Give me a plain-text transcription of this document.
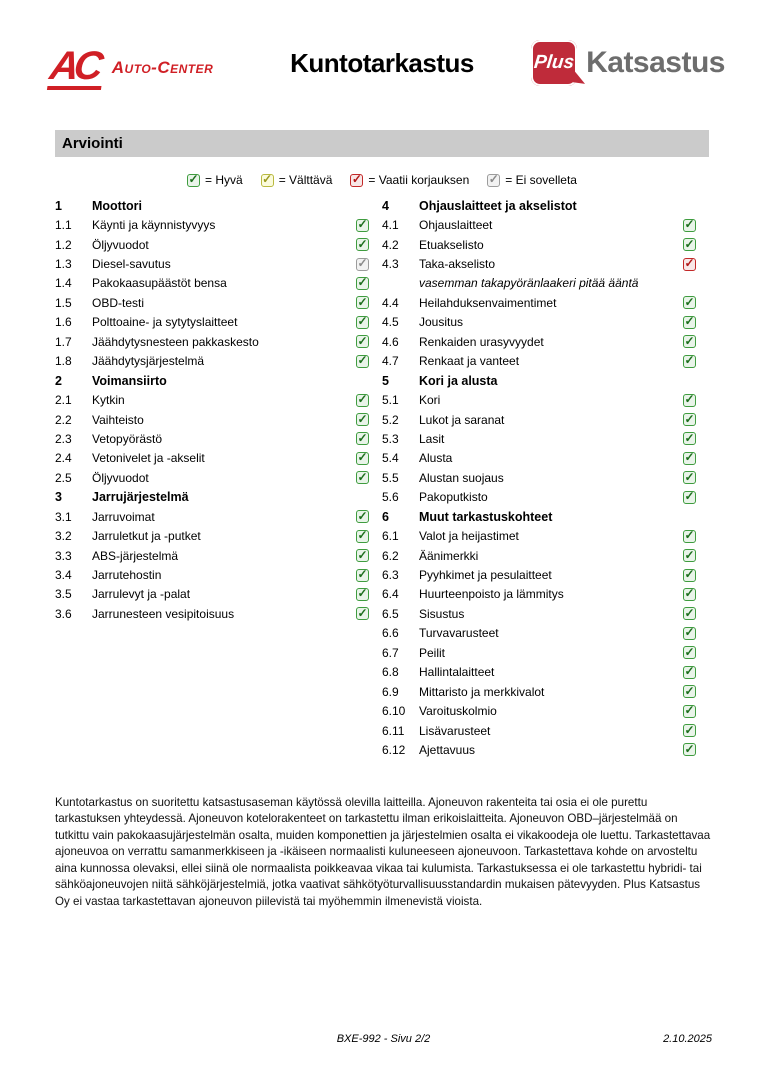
AC Auto-Center	Kuntotarkastus	Plus Katsastus
Arviointi
✓ = Hyvä ✓ = Välttävä ✓ = Vaatii korjauksen ✓ = Ei sovelleta
1	Moottori
1.1	Käynti ja käynnistyvyys	✓
1.2	Öljyvuodot	✓
1.3	Diesel-savutus	✓
1.4	Pakokaasupäästöt bensa	✓
1.5	OBD-testi	✓
1.6	Polttoaine- ja sytytyslaitteet	✓
1.7	Jäähdytysnesteen pakkaskesto	✓
1.8	Jäähdytysjärjestelmä	✓
2	Voimansiirto
2.1	Kytkin	✓
2.2	Vaihteisto	✓
2.3	Vetopyörästö	✓
2.4	Vetonivelet ja -akselit	✓
2.5	Öljyvuodot	✓
3	Jarrujärjestelmä
3.1	Jarruvoimat	✓
3.2	Jarruletkut ja -putket	✓
3.3	ABS-järjestelmä	✓
3.4	Jarrutehostin	✓
3.5	Jarrulevyt ja -palat	✓
3.6	Jarrunesteen vesipitoisuus	✓
4	Ohjauslaitteet ja akselistot
4.1	Ohjauslaitteet	✓
4.2	Etuakselisto	✓
4.3	Taka-akselisto	✓
vasemman takapyöränlaakeri pitää ääntä
4.4	Heilahduksenvaimentimet	✓
4.5	Jousitus	✓
4.6	Renkaiden urasyvyydet	✓
4.7	Renkaat ja vanteet	✓
5	Kori ja alusta
5.1	Kori	✓
5.2	Lukot ja saranat	✓
5.3	Lasit	✓
5.4	Alusta	✓
5.5	Alustan suojaus	✓
5.6	Pakoputkisto	✓
6	Muut tarkastuskohteet
6.1	Valot ja heijastimet	✓
6.2	Äänimerkki	✓
6.3	Pyyhkimet ja pesulaitteet	✓
6.4	Huurteenpoisto ja lämmitys	✓
6.5	Sisustus	✓
6.6	Turvavarusteet	✓
6.7	Peilit	✓
6.8	Hallintalaitteet	✓
6.9	Mittaristo ja merkkivalot	✓
6.10	Varoituskolmio	✓
6.11	Lisävarusteet	✓
6.12	Ajettavuus	✓

Kuntotarkastus on suoritettu katsastusaseman käytössä olevilla laitteilla. Ajoneuvon rakenteita tai osia ei ole purettu tarkastuksen yhteydessä. Ajoneuvon kotelorakenteet on tarkastettu ilman erikoislaitteita. Ajoneuvon OBD–järjestelmää on tutkittu vain pakokaasujärjestelmän osalta, muiden komponettien ja järjestelmien osalta ei vikakoodeja ole luettu. Tarkastettavaa ajoneuvoa on verrattu samanmerkkiseen ja -ikäiseen normaalisti kuluneeseen ajoneuvoon. Tarkastettava kohde on arvosteltu aina kunnossa olevaksi, ellei siinä ole normaalista poikkeavaa vikaa tai kulumista. Tarkastuksessa ei ole tarkastettu hybridi- tai sähköajoneuvojen niitä sähköjärjestelmiä, jotka vaativat sähkötyöturvallisuusstandardin mukaisen pätevyyden. Plus Katsastus Oy ei vastaa tarkastettavan ajoneuvon piilevistä tai myöhemmin ilmenevistä vioista.

BXE-992 - Sivu 2/2	2.10.2025
